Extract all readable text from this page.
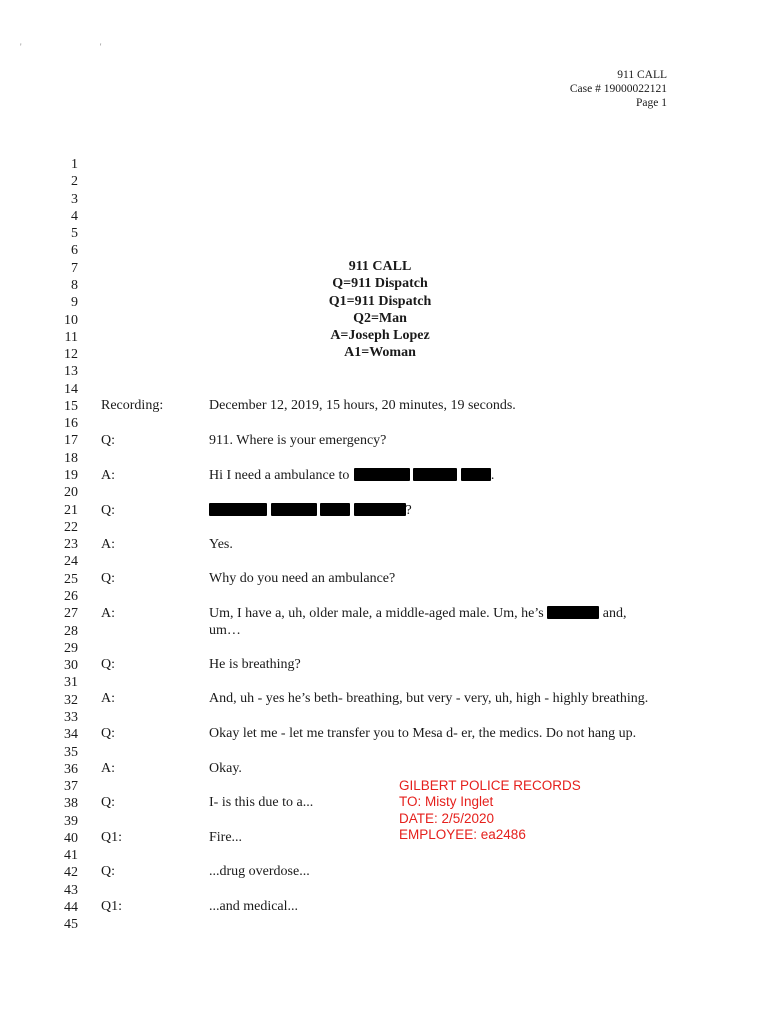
' '
911 CALL
Case # 19000022121
Page 1
1
2
3
4
5
6
7
8
9
10
11
12
13
14
15
16
17
18
19
20
21
22
23
24
25
26
27
28
29
30
31
32
33
34
35
36
37
38
39
40
41
42
43
44
45
911 CALL
Q=911 Dispatch
Q1=911 Dispatch
Q2=Man
A=Joseph Lopez
A1=Woman
Recording:	December 12, 2019, 15 hours, 20 minutes, 19 seconds.
Q:	911. Where is your emergency?
A:	Hi I need a ambulance to	.
Q:	?
A:	Yes.
Q:	Why do you need an ambulance?
A:	Um, I have a, uh, older male, a middle-aged male. Um, he’s	and,
um…
Q:	He is breathing?
A:	And, uh - yes he’s beth- breathing, but very - very, uh, high - highly breathing.
Q:	Okay let me - let me transfer you to Mesa d- er, the medics. Do not hang up.
A:	Okay.
Q:	I- is this due to a...
Q1:	Fire...
Q:	...drug overdose...
Q1:	...and medical...
GILBERT POLICE RECORDS
TO: Misty Inglet
DATE: 2/5/2020
EMPLOYEE: ea2486
